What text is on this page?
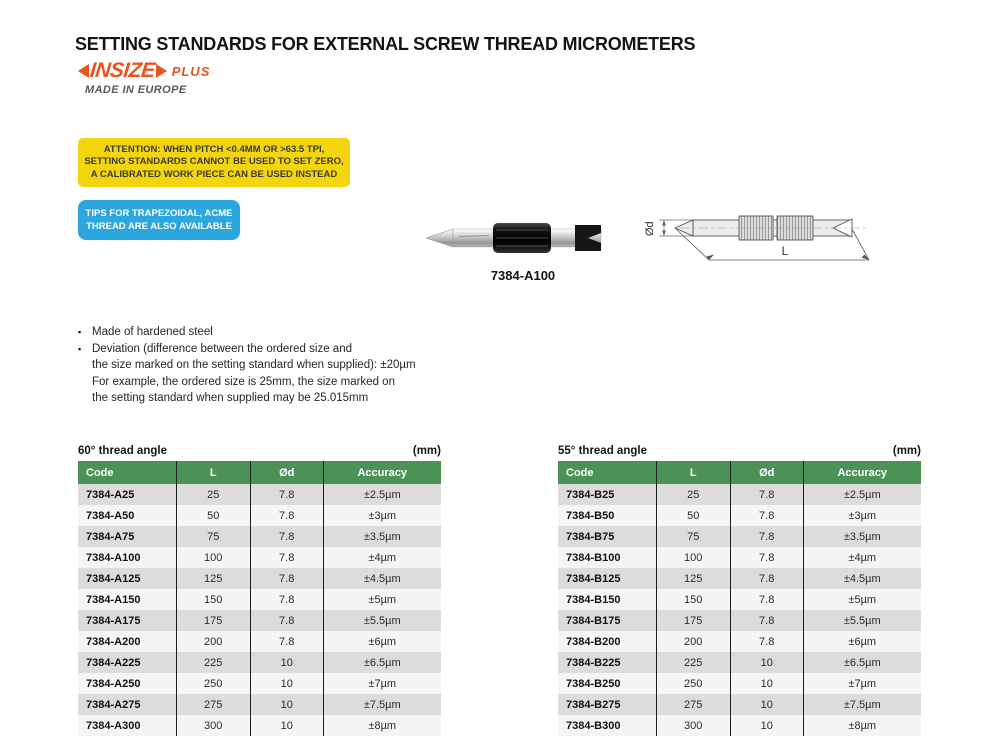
SETTING STANDARDS FOR EXTERNAL SCREW THREAD MICROMETERS
INSIZE PLUS
MADE IN EUROPE
ATTENTION: WHEN PITCH <0.4MM OR >63.5 TPI,
SETTING STANDARDS CANNOT BE USED TO SET ZERO,
A CALIBRATED WORK PIECE CAN BE USED INSTEAD
TIPS FOR TRAPEZOIDAL, ACME
THREAD ARE ALSO AVAILABLE
7384-A100
Ød
L
▪ Made of hardened steel
▪ Deviation (difference between the ordered size and
the size marked on the setting standard when supplied): ±20µm
For example, the ordered size is 25mm, the size marked on
the setting standard when supplied may be 25.015mm
60° thread angle	(mm)
Code	L	Ød	Accuracy
7384-A25	25	7.8	±2.5µm
7384-A50	50	7.8	±3µm
7384-A75	75	7.8	±3.5µm
7384-A100	100	7.8	±4µm
7384-A125	125	7.8	±4.5µm
7384-A150	150	7.8	±5µm
7384-A175	175	7.8	±5.5µm
7384-A200	200	7.8	±6µm
7384-A225	225	10	±6.5µm
7384-A250	250	10	±7µm
7384-A275	275	10	±7.5µm
7384-A300	300	10	±8µm
55° thread angle	(mm)
Code	L	Ød	Accuracy
7384-B25	25	7.8	±2.5µm
7384-B50	50	7.8	±3µm
7384-B75	75	7.8	±3.5µm
7384-B100	100	7.8	±4µm
7384-B125	125	7.8	±4.5µm
7384-B150	150	7.8	±5µm
7384-B175	175	7.8	±5.5µm
7384-B200	200	7.8	±6µm
7384-B225	225	10	±6.5µm
7384-B250	250	10	±7µm
7384-B275	275	10	±7.5µm
7384-B300	300	10	±8µm
